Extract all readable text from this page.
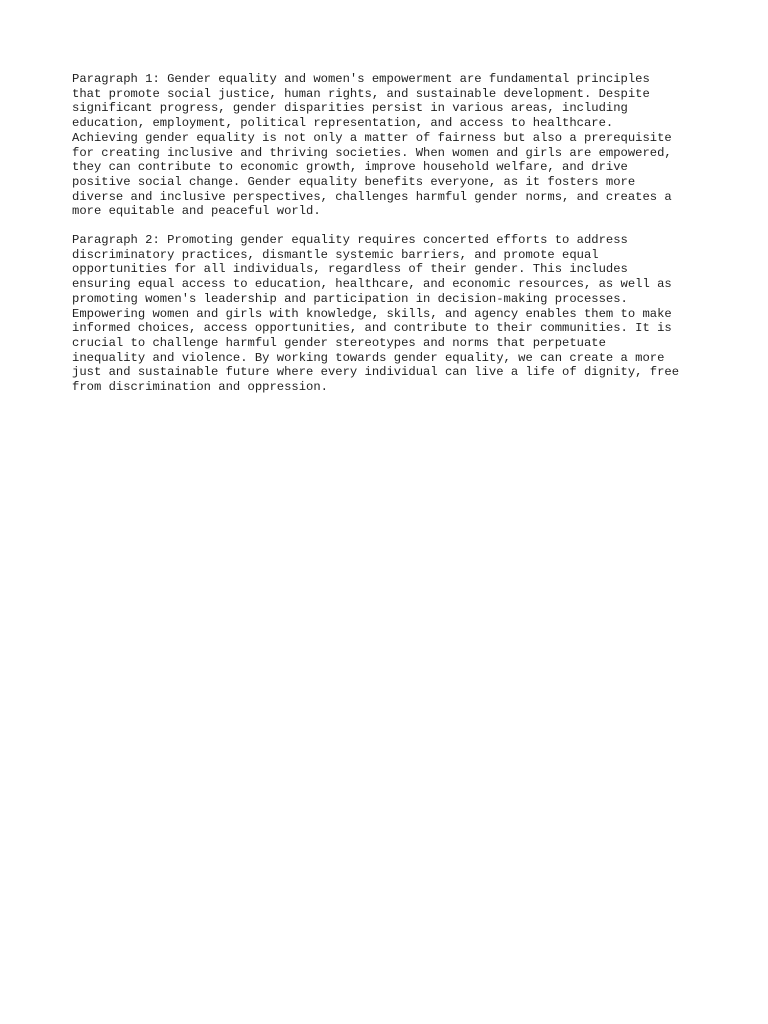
Paragraph 1: Gender equality and women's empowerment are fundamental principles
that promote social justice, human rights, and sustainable development. Despite
significant progress, gender disparities persist in various areas, including
education, employment, political representation, and access to healthcare.
Achieving gender equality is not only a matter of fairness but also a prerequisite
for creating inclusive and thriving societies. When women and girls are empowered,
they can contribute to economic growth, improve household welfare, and drive
positive social change. Gender equality benefits everyone, as it fosters more
diverse and inclusive perspectives, challenges harmful gender norms, and creates a
more equitable and peaceful world.
Paragraph 2: Promoting gender equality requires concerted efforts to address
discriminatory practices, dismantle systemic barriers, and promote equal
opportunities for all individuals, regardless of their gender. This includes
ensuring equal access to education, healthcare, and economic resources, as well as
promoting women's leadership and participation in decision-making processes.
Empowering women and girls with knowledge, skills, and agency enables them to make
informed choices, access opportunities, and contribute to their communities. It is
crucial to challenge harmful gender stereotypes and norms that perpetuate
inequality and violence. By working towards gender equality, we can create a more
just and sustainable future where every individual can live a life of dignity, free
from discrimination and oppression.
